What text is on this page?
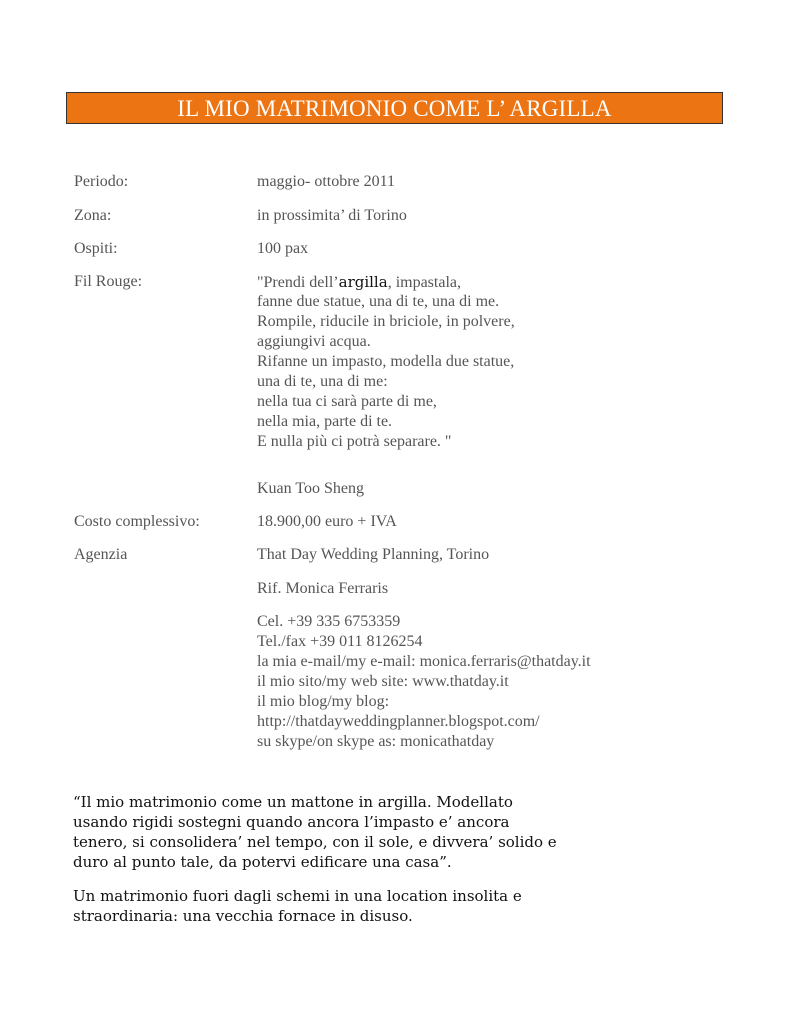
IL MIO MATRIMONIO COME L’ ARGILLA
Periodo:	maggio- ottobre 2011
Zona:	in prossimita’ di Torino
Ospiti:	100 pax
Fil Rouge:	"Prendi dell’argilla, impastala,
fanne due statue, una di te, una di me.
Rompile, riducile in briciole, in polvere,
aggiungivi acqua.
Rifanne un impasto, modella due statue,
una di te, una di me:
nella tua ci sarà parte di me,
nella mia, parte di te.
E nulla più ci potrà separare. "
Kuan Too Sheng
Costo complessivo:	18.900,00 euro + IVA
Agenzia	That Day Wedding Planning, Torino
Rif. Monica Ferraris
Cel. +39 335 6753359
Tel./fax +39 011 8126254
la mia e-mail/my e-mail: monica.ferraris@thatday.it
il mio sito/my web site: www.thatday.it
il mio blog/my blog:
http://thatdayweddingplanner.blogspot.com/
su skype/on skype as: monicathatday
“Il mio matrimonio come un mattone in argilla. Modellato
usando rigidi sostegni quando ancora l’impasto e’ ancora
tenero, si consolidera’ nel tempo, con il sole, e divvera’ solido e
duro al punto tale, da potervi edificare una casa”.
Un matrimonio fuori dagli schemi in una location insolita e
straordinaria: una vecchia fornace in disuso.
